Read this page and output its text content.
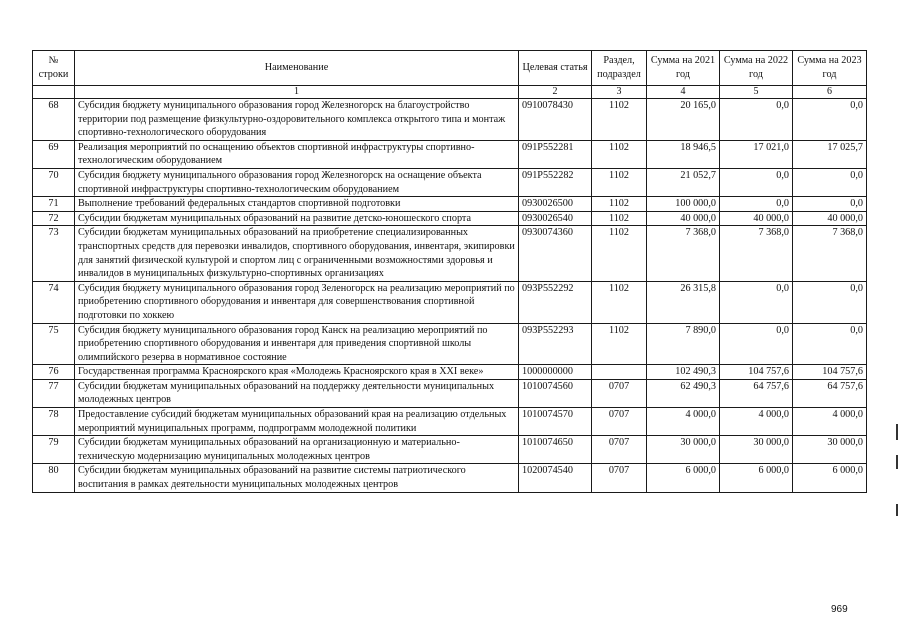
№ строки	Наименование	Целевая статья	Раздел, подраздел	Сумма на 2021 год	Сумма на 2022 год	Сумма на 2023 год
	1	2	3	4	5	6
68	Субсидия бюджету муниципального образования город Железногорск на благоустройство территории под размещение физкультурно-оздоровительного комплекса открытого типа и монтаж спортивно-технологического оборудования	0910078430	1102	20 165,0	0,0	0,0
69	Реализация мероприятий по оснащению объектов спортивной инфраструктуры спортивно-технологическим оборудованием	091P552281	1102	18 946,5	17 021,0	17 025,7
70	Субсидия бюджету муниципального образования город Железногорск на оснащение объекта спортивной инфраструктуры спортивно-технологическим оборудованием	091P552282	1102	21 052,7	0,0	0,0
71	Выполнение требований федеральных стандартов спортивной подготовки	0930026500	1102	100 000,0	0,0	0,0
72	Субсидии бюджетам муниципальных образований на развитие детско-юношеского спорта	0930026540	1102	40 000,0	40 000,0	40 000,0
73	Субсидии бюджетам муниципальных образований на приобретение специализированных транспортных средств для перевозки инвалидов, спортивного оборудования, инвентаря, экипировки для занятий физической культурой и спортом лиц с ограниченными возможностями здоровья и инвалидов в муниципальных физкультурно-спортивных организациях	0930074360	1102	7 368,0	7 368,0	7 368,0
74	Субсидия бюджету муниципального образования город Зеленогорск на реализацию мероприятий по приобретению спортивного оборудования и инвентаря для совершенствования спортивной подготовки по хоккею	093P552292	1102	26 315,8	0,0	0,0
75	Субсидия бюджету муниципального образования город Канск на реализацию мероприятий по приобретению спортивного оборудования и инвентаря для приведения спортивной школы олимпийского резерва в нормативное состояние	093P552293	1102	7 890,0	0,0	0,0
76	Государственная программа Красноярского края «Молодежь Красноярского края в XXI веке»	1000000000		102 490,3	104 757,6	104 757,6
77	Субсидии бюджетам муниципальных образований на поддержку деятельности муниципальных молодежных центров	1010074560	0707	62 490,3	64 757,6	64 757,6
78	Предоставление субсидий бюджетам муниципальных образований края на реализацию отдельных мероприятий муниципальных программ, подпрограмм молодежной политики	1010074570	0707	4 000,0	4 000,0	4 000,0
79	Субсидии бюджетам муниципальных образований на организационную и материально-техническую модернизацию муниципальных молодежных центров	1010074650	0707	30 000,0	30 000,0	30 000,0
80	Субсидии бюджетам муниципальных образований на развитие системы патриотического воспитания в рамках деятельности муниципальных молодежных центров	1020074540	0707	6 000,0	6 000,0	6 000,0
969
